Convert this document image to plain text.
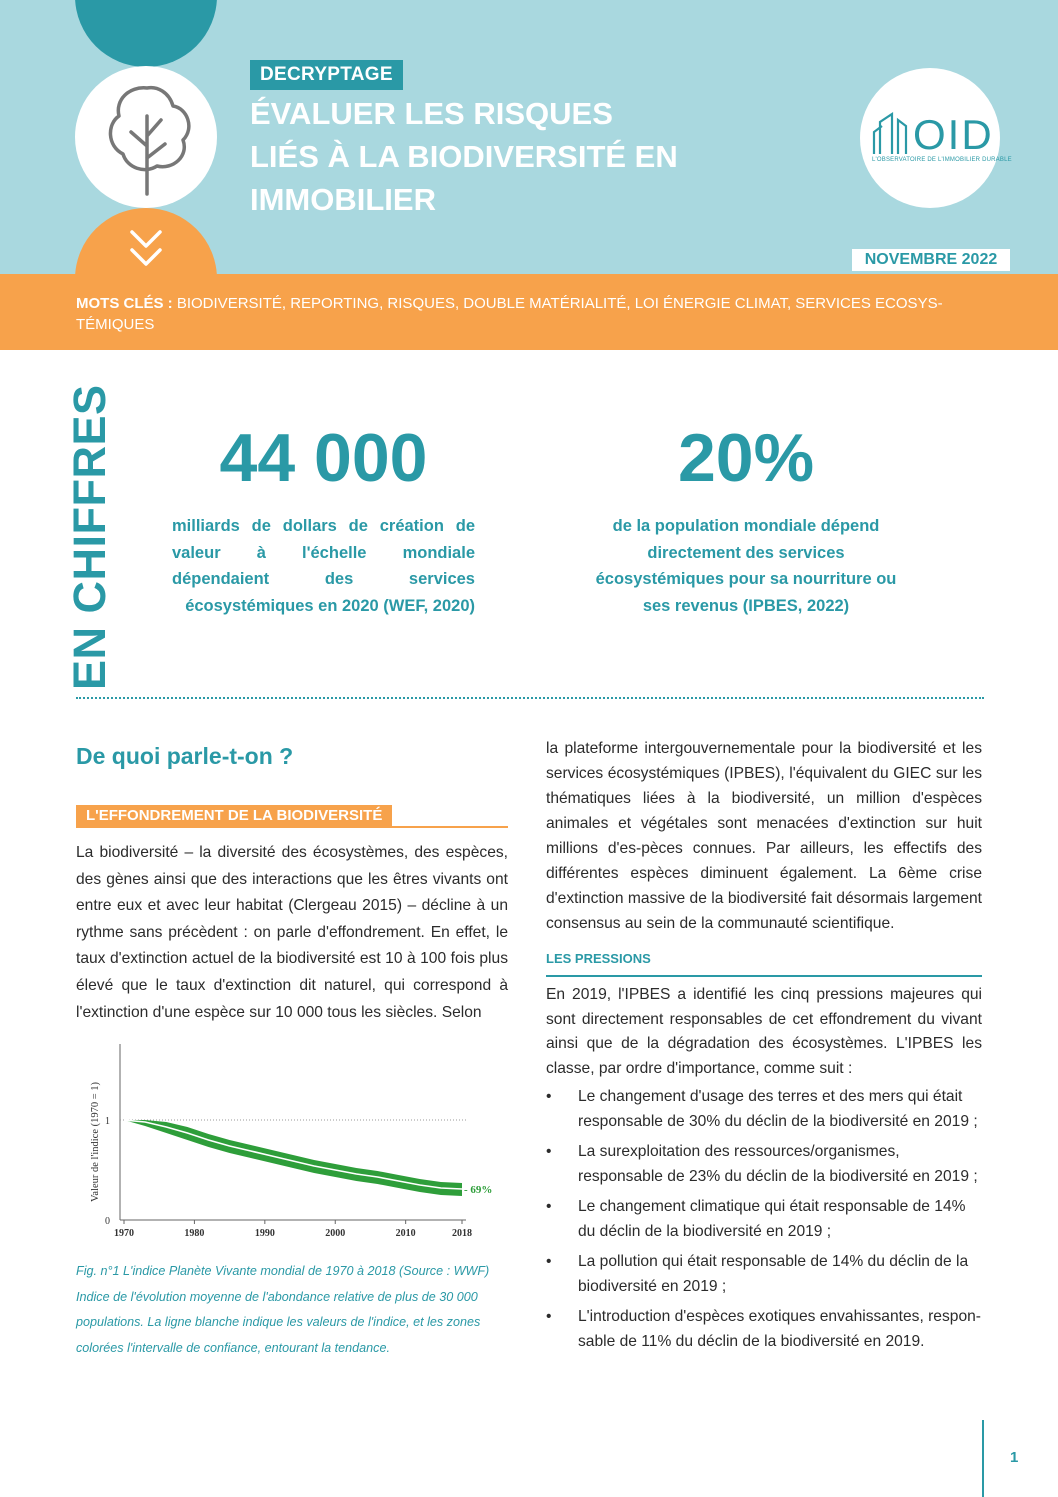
DECRYPTAGE
ÉVALUER LES RISQUES
LIÉS À LA BIODIVERSITÉ EN
IMMOBILIER
OID
L'OBSERVATOIRE DE L'IMMOBILIER DURABLE
NOVEMBRE 2022
MOTS CLÉS : BIODIVERSITÉ, REPORTING, RISQUES, DOUBLE MATÉRIALITÉ, LOI ÉNERGIE CLIMAT, SERVICES ECOSYS-TÉMIQUES
EN CHIFFRES	44 000
milliards de dollars de création de valeur à l'échelle mondiale dépendaient des services écosystémiques en 2020 (WEF, 2020)
20%
de la population mondiale dépend directement des services écosystémiques pour sa nourriture ou ses revenus (IPBES, 2022)
De quoi parle-t-on ?
L'EFFONDREMENT DE LA BIODIVERSITÉ
La biodiversité – la diversité des écosystèmes, des espèces, des gènes ainsi que des interactions que les êtres vivants ont entre eux et avec leur habitat (Clergeau 2015) – décline à un rythme sans précèdent : on parle d'effondrement. En effet, le taux d'extinction actuel de la biodiversité est 10 à 100 fois plus élevé que le taux d'extinction dit naturel, qui correspond à l'extinction d'une espèce sur 10 000 tous les siècles. Selon
Valeur de l'indice (1970 = 1) 1
0
1970	1980	1990	2000	2010	2018
- 69%
Fig. n°1 L'indice Planète Vivante mondial de 1970 à 2018 (Source : WWF) Indice de l'évolution moyenne de l'abondance relative de plus de 30 000 populations. La ligne blanche indique les valeurs de l'indice, et les zones colorées l'intervalle de confiance, entourant la tendance.
la plateforme intergouvernementale pour la biodiversité et les services écosystémiques (IPBES), l'équivalent du GIEC sur les thématiques liées à la biodiversité, un million d'espèces animales et végétales sont menacées d'extinction sur huit millions d'es-pèces connues. Par ailleurs, les effectifs des différentes espèces diminuent également. La 6ème crise d'extinction massive de la biodiversité fait désormais largement consensus au sein de la communauté scientifique.
LES PRESSIONS
En 2019, l'IPBES a identifié les cinq pressions majeures qui sont directement responsables de cet effondrement du vivant ainsi que de la dégradation des écosystèmes. L'IPBES les classe, par ordre d'importance, comme suit :
• Le changement d'usage des terres et des mers qui était responsable de 30% du déclin de la biodiversité en 2019 ;
• La surexploitation des ressources/organismes, responsable de 23% du déclin de la biodiversité en 2019 ;
• Le changement climatique qui était responsable de 14% du déclin de la biodiversité en 2019 ;
• La pollution qui était responsable de 14% du déclin de la biodiversité en 2019 ;
• L'introduction d'espèces exotiques envahissantes, respon-sable de 11% du déclin de la biodiversité en 2019.
1
